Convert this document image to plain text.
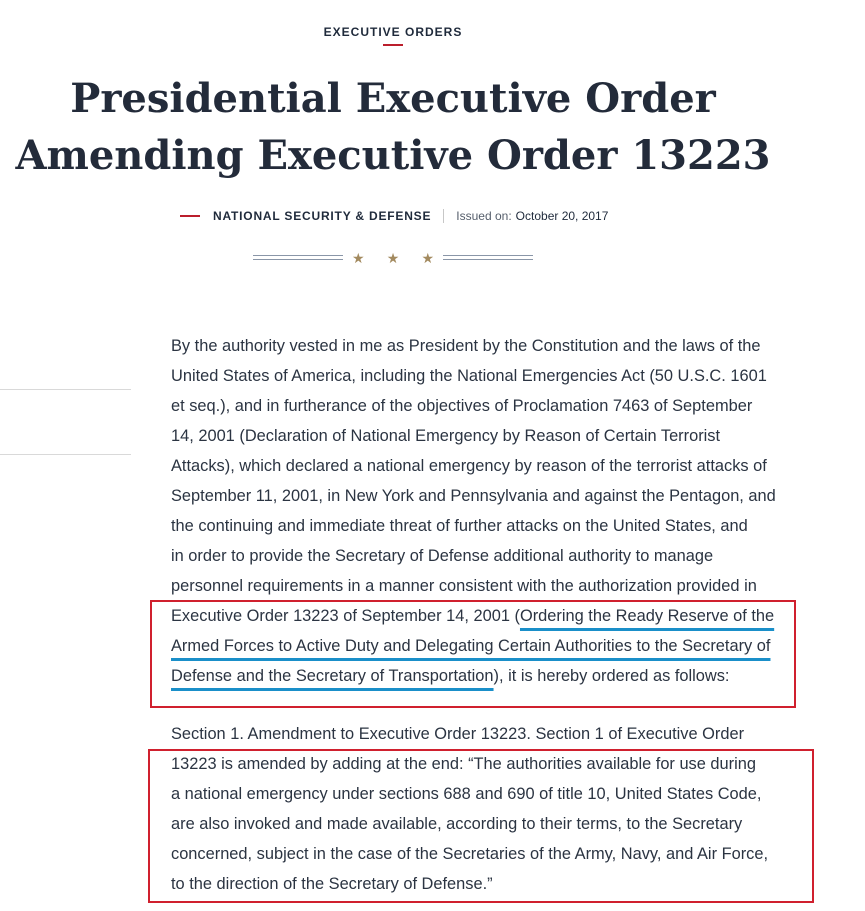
EXECUTIVE ORDERS
Presidential Executive Order
Amending Executive Order 13223
NATIONAL SECURITY & DEFENSE Issued on: October 20, 2017
★ ★ ★

By the authority vested in me as President by the Constitution and the laws of the
United States of America, including the National Emergencies Act (50 U.S.C. 1601
et seq.), and in furtherance of the objectives of Proclamation 7463 of September
14, 2001 (Declaration of National Emergency by Reason of Certain Terrorist
Attacks), which declared a national emergency by reason of the terrorist attacks of
September 11, 2001, in New York and Pennsylvania and against the Pentagon, and
the continuing and immediate threat of further attacks on the United States, and
in order to provide the Secretary of Defense additional authority to manage
personnel requirements in a manner consistent with the authorization provided in
Executive Order 13223 of September 14, 2001 (Ordering the Ready Reserve of the
Armed Forces to Active Duty and Delegating Certain Authorities to the Secretary of
Defense and the Secretary of Transportation), it is hereby ordered as follows:

Section 1. Amendment to Executive Order 13223. Section 1 of Executive Order
13223 is amended by adding at the end: “The authorities available for use during
a national emergency under sections 688 and 690 of title 10, United States Code,
are also invoked and made available, according to their terms, to the Secretary
concerned, subject in the case of the Secretaries of the Army, Navy, and Air Force,
to the direction of the Secretary of Defense.”
